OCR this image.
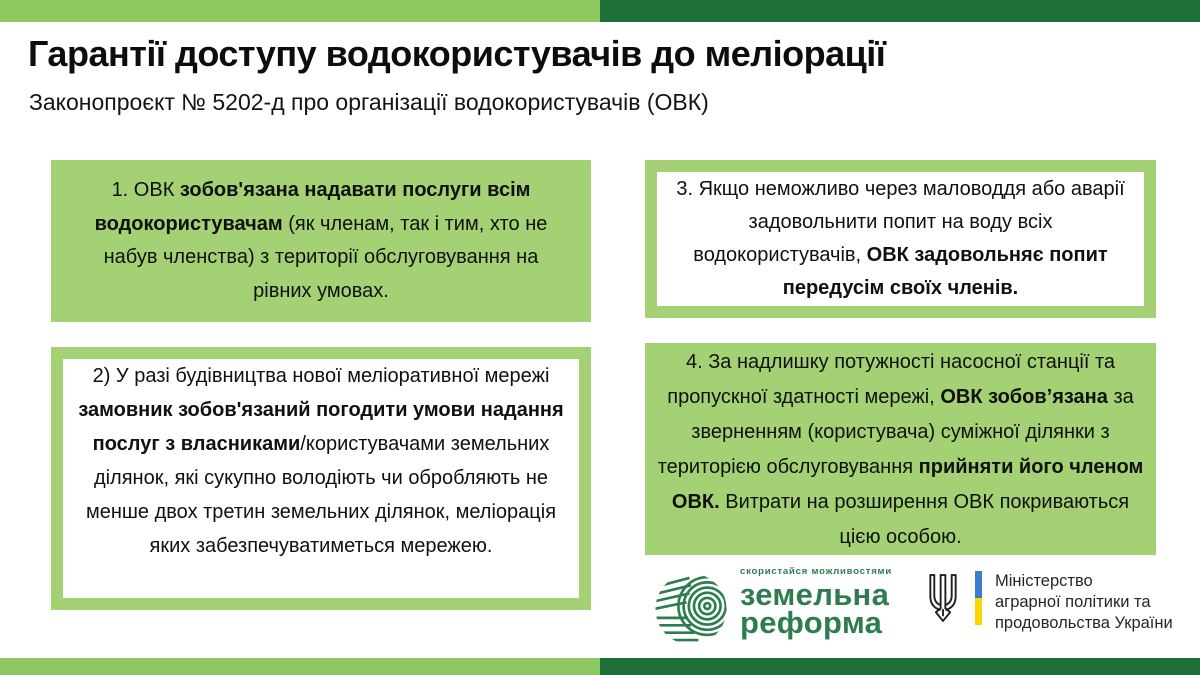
Гарантії доступу водокористувачів до меліорації

Законопроєкт № 5202-д про організації водокористувачів (ОВК)

1. ОВК зобов'язана надавати послуги всім водокористувачам (як членам, так і тим, хто не набув членства) з території обслуговування на рівних умовах.
2) У разі будівництва нової меліоративної мережі замовник зобов'язаний погодити умови надання послуг з власниками/користувачами земельних ділянок, які сукупно володіють чи обробляють не менше двох третин земельних ділянок, меліорація яких забезпечуватиметься мережею.
3. Якщо неможливо через маловоддя або аварії задовольнити попит на воду всіх водокористувачів, ОВК задовольняє попит передусім своїх членів.
4. За надлишку потужності насосної станції та пропускної здатності мережі, ОВК зобов’язана за зверненням (користувача) суміжної ділянки з територією обслуговування прийняти його членом ОВК. Витрати на розширення ОВК покриваються цією особою.
скористайся можливостями
земельна
реформа
Міністерство
аграрної політики та
продовольства України
